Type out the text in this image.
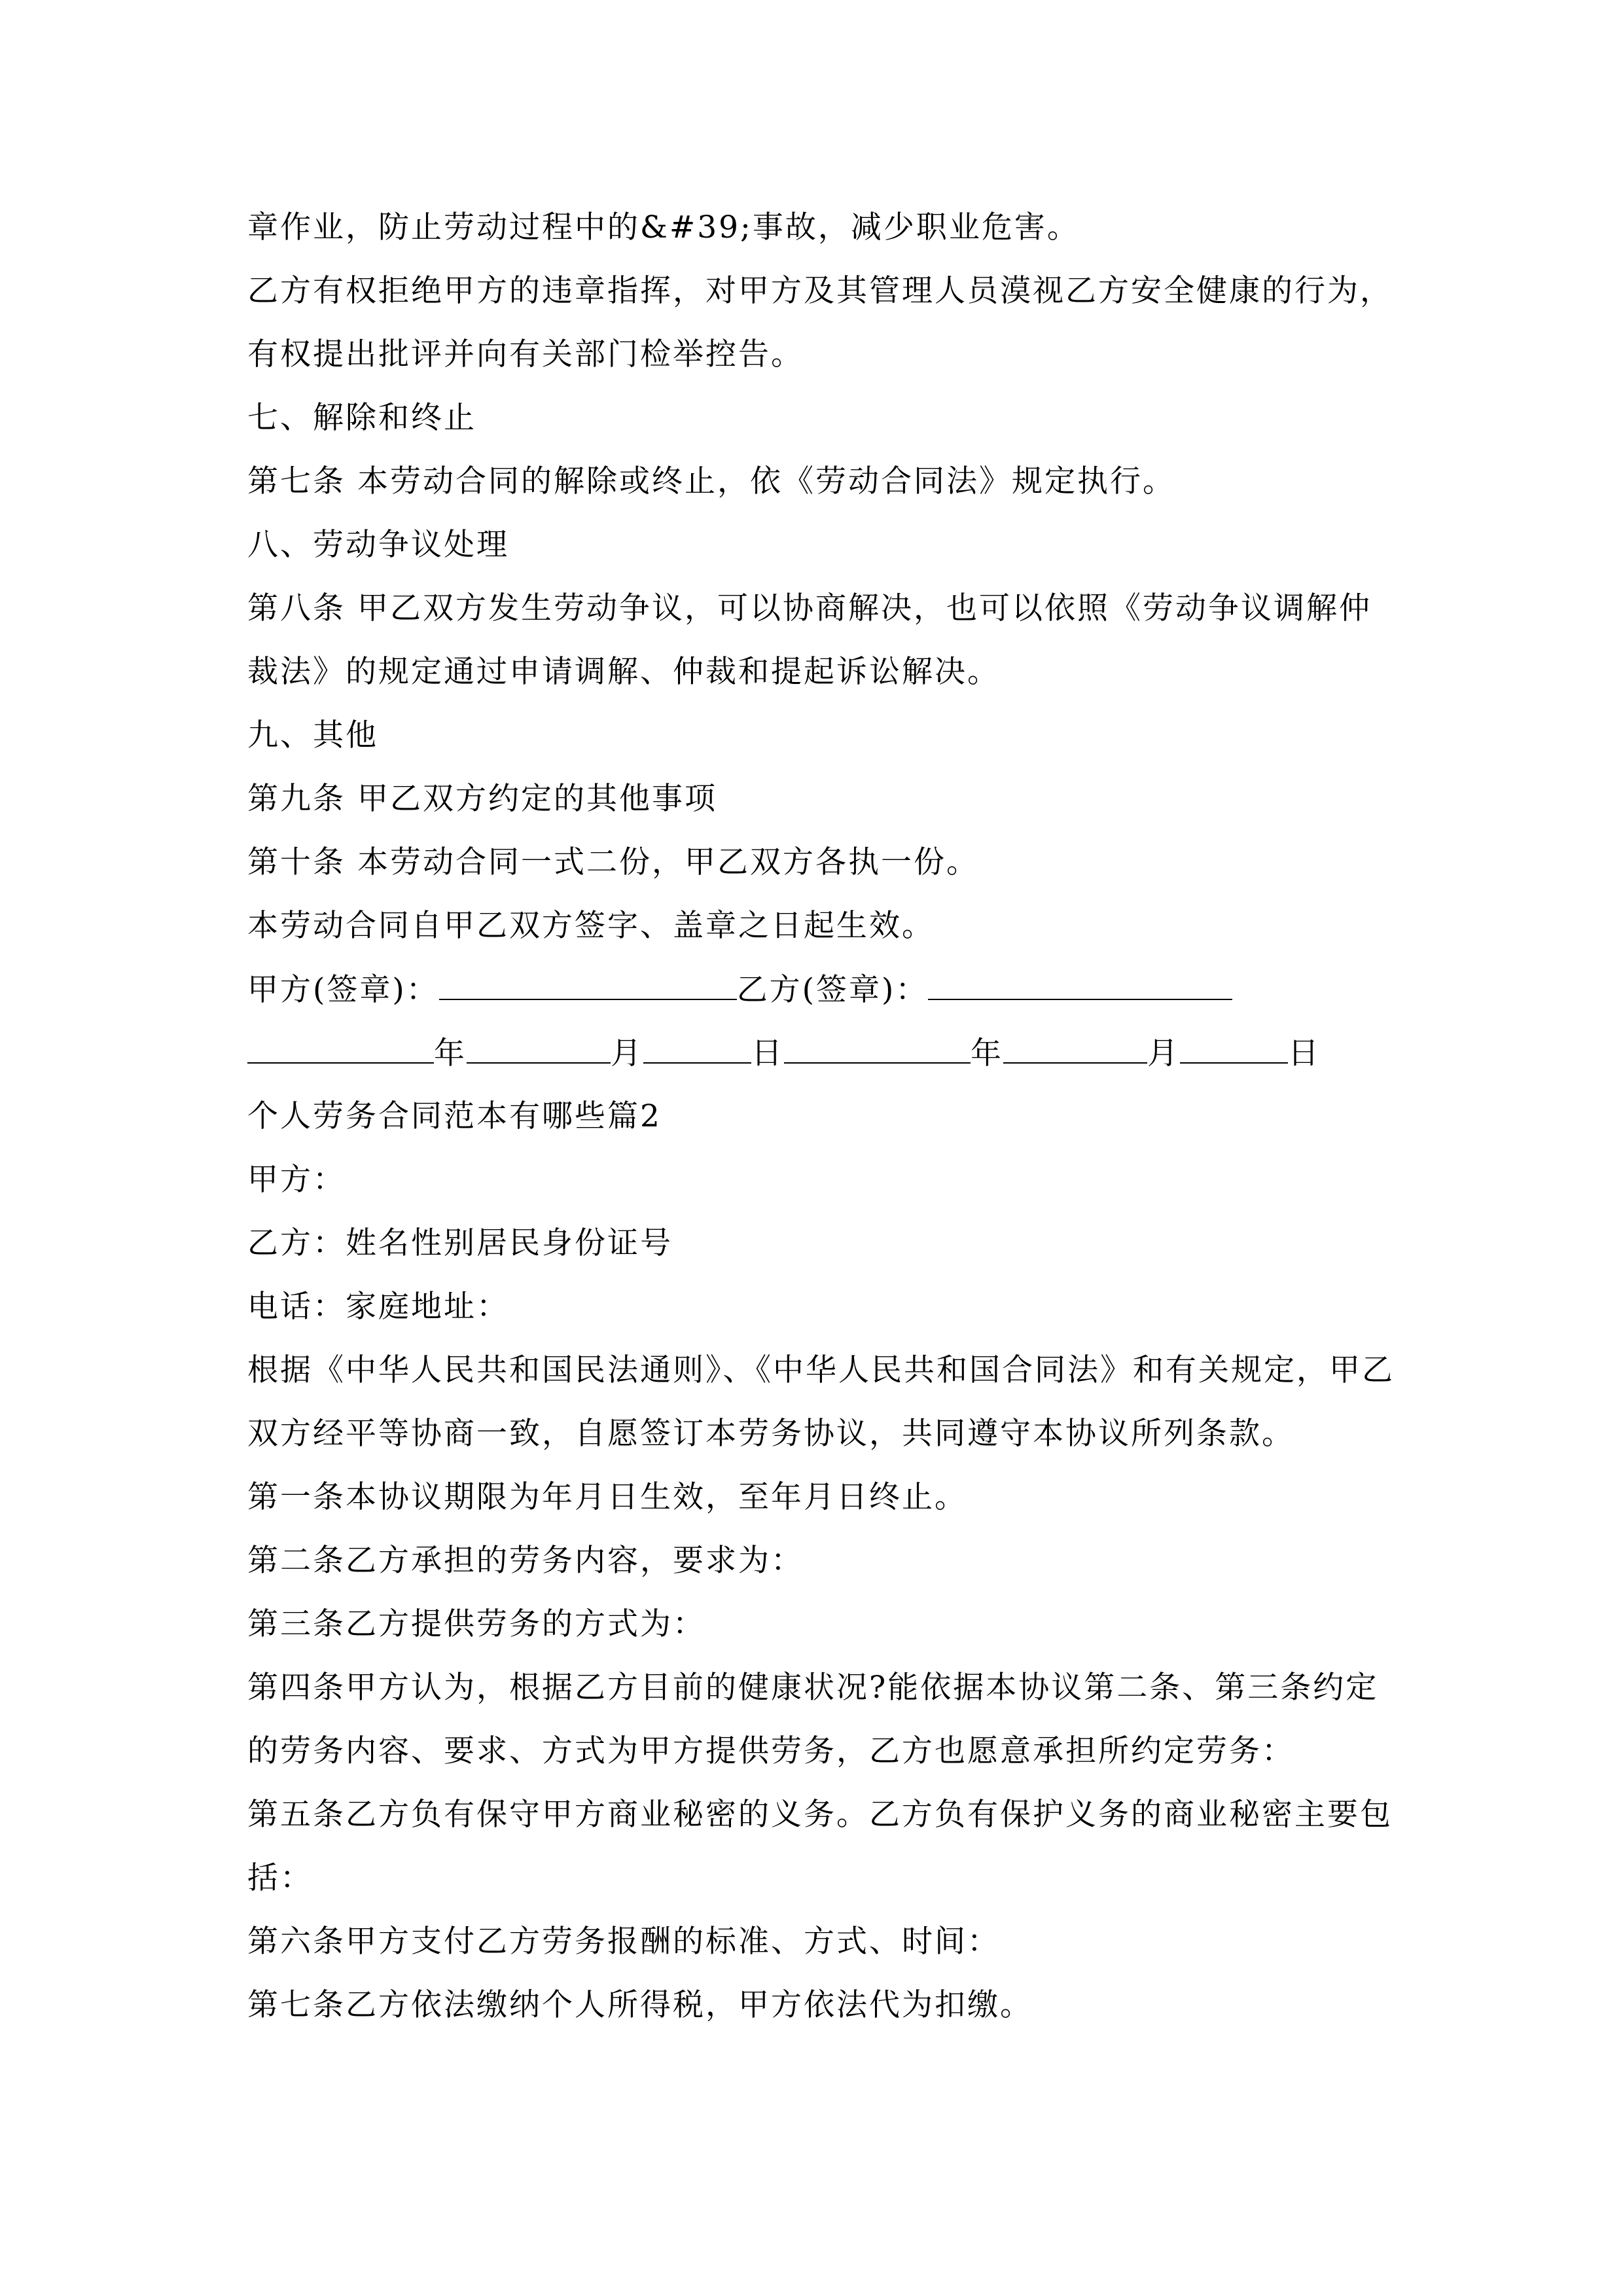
章作业，防止劳动过程中的&#39;事故，减少职业危害。
乙方有权拒绝甲方的违章指挥，对甲方及其管理人员漠视乙方安全健康的行为，
有权提出批评并向有关部门检举控告。
七、解除和终止
第七条 本劳动合同的解除或终止，依《劳动合同法》规定执行。
八、劳动争议处理
第八条 甲乙双方发生劳动争议，可以协商解决，也可以依照《劳动争议调解仲
裁法》的规定通过申请调解、仲裁和提起诉讼解决。
九、其他
第九条 甲乙双方约定的其他事项
第十条 本劳动合同一式二份，甲乙双方各执一份。
本劳动合同自甲乙双方签字、盖章之日起生效。
甲方(签章)：	乙方(签章)：
年	月	日	年	月	日
个人劳务合同范本有哪些篇2
甲方：
乙方：姓名性别居民身份证号
电话：家庭地址：
根据《中华人民共和国民法通则》、《中华人民共和国合同法》和有关规定，甲乙
双方经平等协商一致，自愿签订本劳务协议，共同遵守本协议所列条款。
第一条本协议期限为年月日生效，至年月日终止。
第二条乙方承担的劳务内容，要求为：
第三条乙方提供劳务的方式为：
第四条甲方认为，根据乙方目前的健康状况?能依据本协议第二条、第三条约定
的劳务内容、要求、方式为甲方提供劳务，乙方也愿意承担所约定劳务：
第五条乙方负有保守甲方商业秘密的义务。乙方负有保护义务的商业秘密主要包
括：
第六条甲方支付乙方劳务报酬的标准、方式、时间：
第七条乙方依法缴纳个人所得税，甲方依法代为扣缴。
